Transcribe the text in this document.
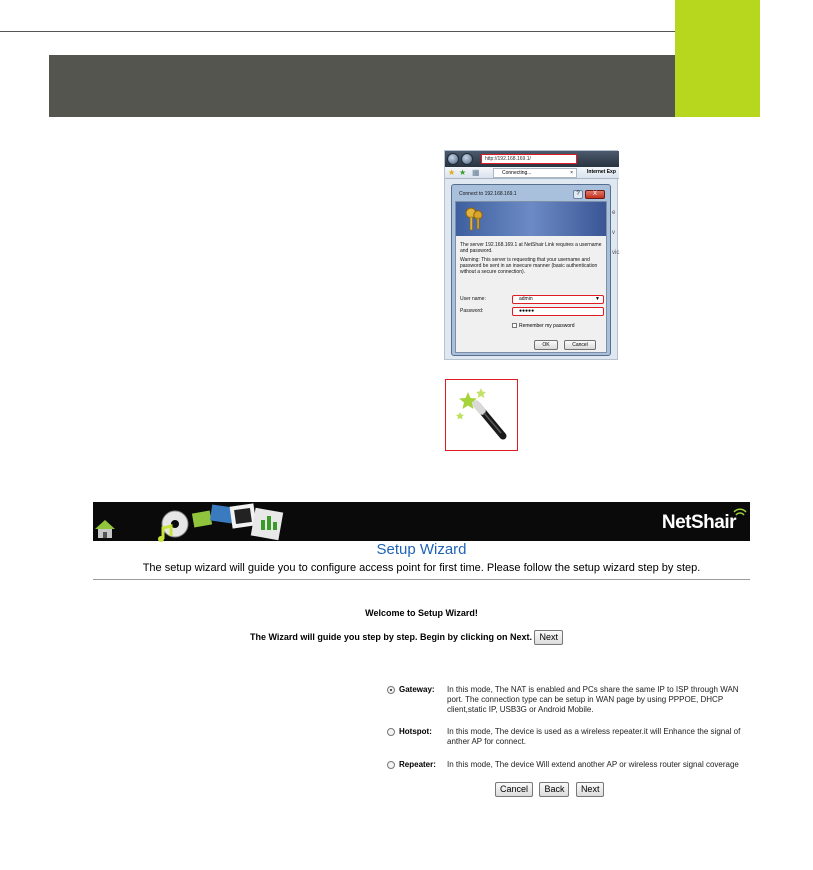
http://192.168.169.1/
★ ★ ▦	Connecting...	×	Internet Exp
e v
vic
Connect to 192.168.169.1	?	X

The server 192.168.169.1 at NetShair Link requires a username and password.

Warning: This server is requesting that your username and password be sent in an insecure manner (basic authentication without a secure connection).

User name:	admin	▼
Password:	●●●●●
Remember my password
OK	Cancel
NetShair
Setup Wizard
The setup wizard will guide you to configure access point for first time. Please follow the setup wizard step by step.
Welcome to Setup Wizard!
The Wizard will guide you step by step. Begin by clicking on Next. Next
Gateway: In this mode, The NAT is enabled and PCs share the same IP to ISP through WAN port. The connection type can be setup in WAN page by using PPPOE, DHCP client,static IP, USB3G or Android Mobile.
Hotspot: In this mode, The device is used as a wireless repeater.it will Enhance the signal of anther AP for connect.
Repeater: In this mode, The device Will extend another AP or wireless router signal coverage
Cancel Back Next
